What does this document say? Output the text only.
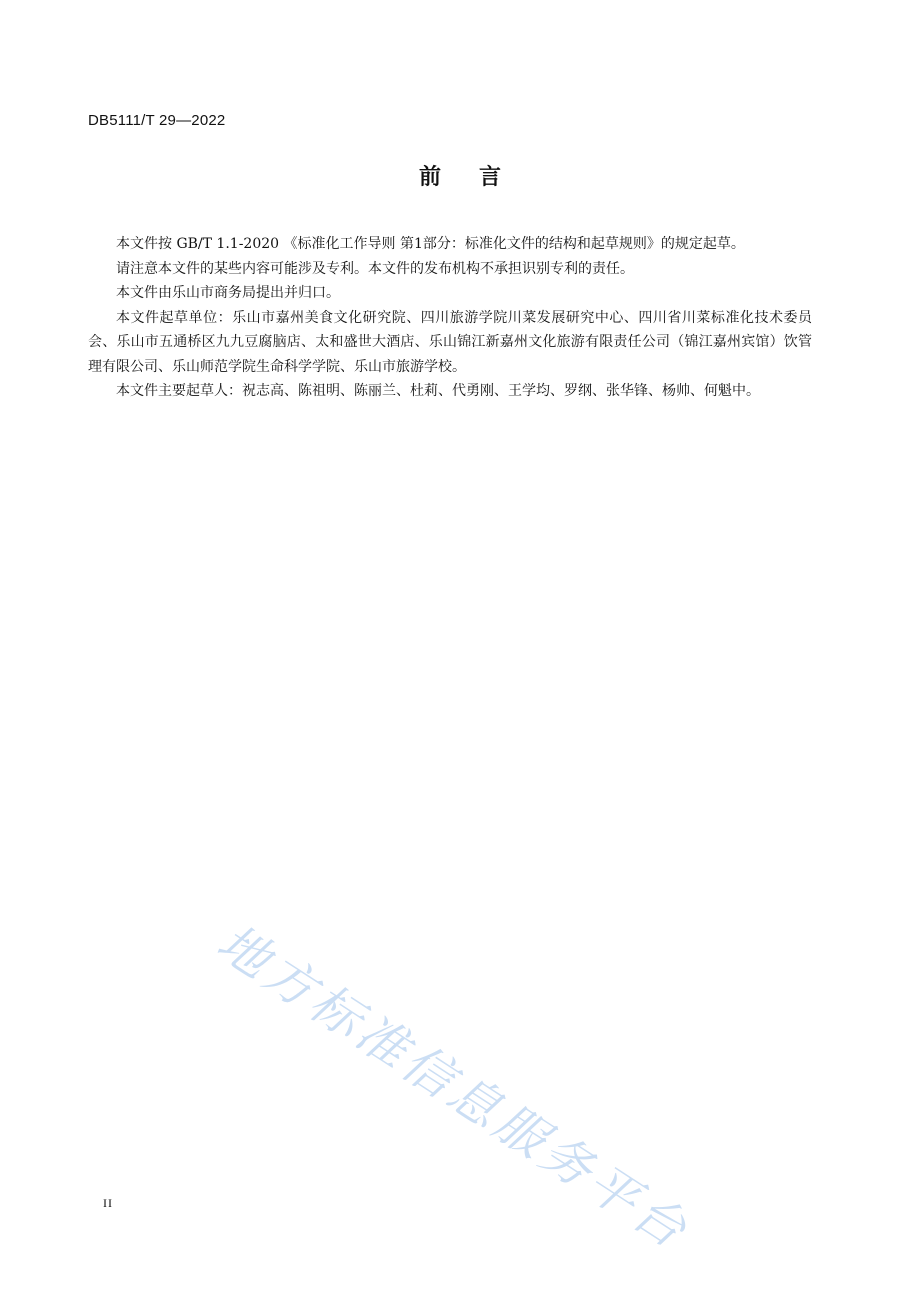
DB5111/T 29—2022
前言

本文件按 GB/T 1.1-2020 《标准化工作导则 第1部分：标准化文件的结构和起草规则》的规定起草。

请注意本文件的某些内容可能涉及专利。本文件的发布机构不承担识别专利的责任。

本文件由乐山市商务局提出并归口。

本文件起草单位：乐山市嘉州美食文化研究院、四川旅游学院川菜发展研究中心、四川省川菜标准化技术委员会、乐山市五通桥区九九豆腐脑店、太和盛世大酒店、乐山锦江新嘉州文化旅游有限责任公司（锦江嘉州宾馆）饮管理有限公司、乐山师范学院生命科学学院、乐山市旅游学校。

本文件主要起草人：祝志高、陈祖明、陈丽兰、杜莉、代勇刚、王学均、罗纲、张华锋、杨帅、何魁中。

地方标准信息服务平台
II
